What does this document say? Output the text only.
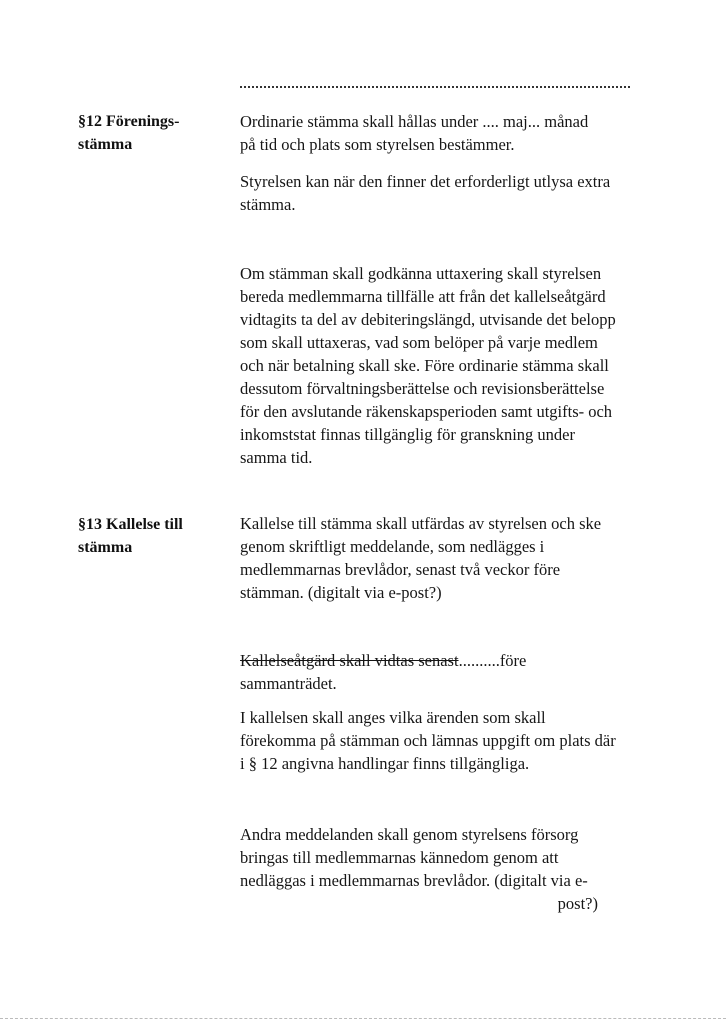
§12 Förenings-
stämma
Ordinarie stämma skall hållas under .... maj... månad
på tid och plats som styrelsen bestämmer.
Styrelsen kan när den finner det erforderligt utlysa extra
stämma.
Om stämman skall godkänna uttaxering skall styrelsen
bereda medlemmarna tillfälle att från det kallelseåtgärd
vidtagits ta del av debiteringslängd, utvisande det belopp
som skall uttaxeras, vad som belöper på varje medlem
och när betalning skall ske. Före ordinarie stämma skall
dessutom förvaltningsberättelse och revisionsberättelse
för den avslutande räkenskapsperioden samt utgifts- och
inkomststat finnas tillgänglig för granskning under
samma tid.
§13 Kallelse till
stämma
Kallelse till stämma skall utfärdas av styrelsen och ske
genom skriftligt meddelande, som nedlägges i
medlemmarnas brevlådor, senast två veckor före
stämman. (digitalt via e-post?)
Kallelseåtgärd skall vidtas senast..........före
sammanträdet.
I kallelsen skall anges vilka ärenden som skall
förekomma på stämman och lämnas uppgift om plats där
i § 12 angivna handlingar finns tillgängliga.
Andra meddelanden skall genom styrelsens försorg
bringas till medlemmarnas kännedom genom att
nedläggas i medlemmarnas brevlådor. (digitalt via e-
post?)
